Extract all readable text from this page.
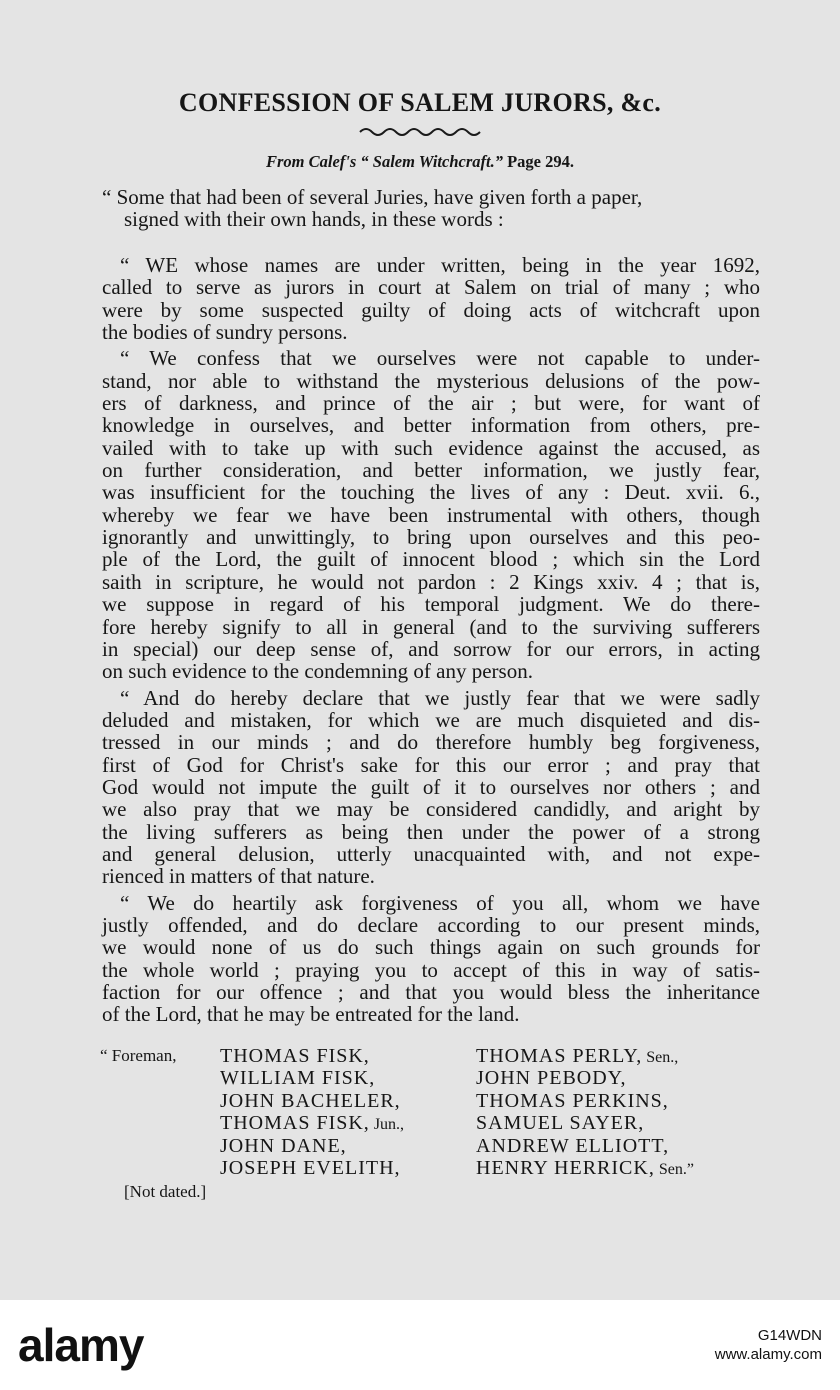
CONFESSION OF SALEM JURORS, &c.
From Calef's “ Salem Witchcraft.” Page 294.
“ Some that had been of several Juries, have given forth a paper,
signed with their own hands, in these words :
“ WE whose names are under written, being in the year 1692,
called to serve as jurors in court at Salem on trial of many ; who
were by some suspected guilty of doing acts of witchcraft upon
the bodies of sundry persons.
“ We confess that we ourselves were not capable to under-
stand, nor able to withstand the mysterious delusions of the pow-
ers of darkness, and prince of the air ; but were, for want of
knowledge in ourselves, and better information from others, pre-
vailed with to take up with such evidence against the accused, as
on further consideration, and better information, we justly fear,
was insufficient for the touching the lives of any : Deut. xvii. 6.,
whereby we fear we have been instrumental with others, though
ignorantly and unwittingly, to bring upon ourselves and this peo-
ple of the Lord, the guilt of innocent blood ; which sin the Lord
saith in scripture, he would not pardon : 2 Kings xxiv. 4 ; that is,
we suppose in regard of his temporal judgment. We do there-
fore hereby signify to all in general (and to the surviving sufferers
in special) our deep sense of, and sorrow for our errors, in acting
on such evidence to the condemning of any person.
“ And do hereby declare that we justly fear that we were sadly
deluded and mistaken, for which we are much disquieted and dis-
tressed in our minds ; and do therefore humbly beg forgiveness,
first of God for Christ's sake for this our error ; and pray that
God would not impute the guilt of it to ourselves nor others ; and
we also pray that we may be considered candidly, and aright by
the living sufferers as being then under the power of a strong
and general delusion, utterly unacquainted with, and not expe-
rienced in matters of that nature.
“ We do heartily ask forgiveness of you all, whom we have
justly offended, and do declare according to our present minds,
we would none of us do such things again on such grounds for
the whole world ; praying you to accept of this in way of satis-
faction for our offence ; and that you would bless the inheritance
of the Lord, that he may be entreated for the land.
“ Foreman, THOMAS FISK,
WILLIAM FISK,
JOHN BACHELER,
THOMAS FISK, Jun.,
JOHN DANE,
JOSEPH EVELITH,
THOMAS PERLY, Sen.,
JOHN PEBODY,
THOMAS PERKINS,
SAMUEL SAYER,
ANDREW ELLIOTT,
HENRY HERRICK, Sen.”
[Not dated.]
alamy	G14WDN
www.alamy.com
